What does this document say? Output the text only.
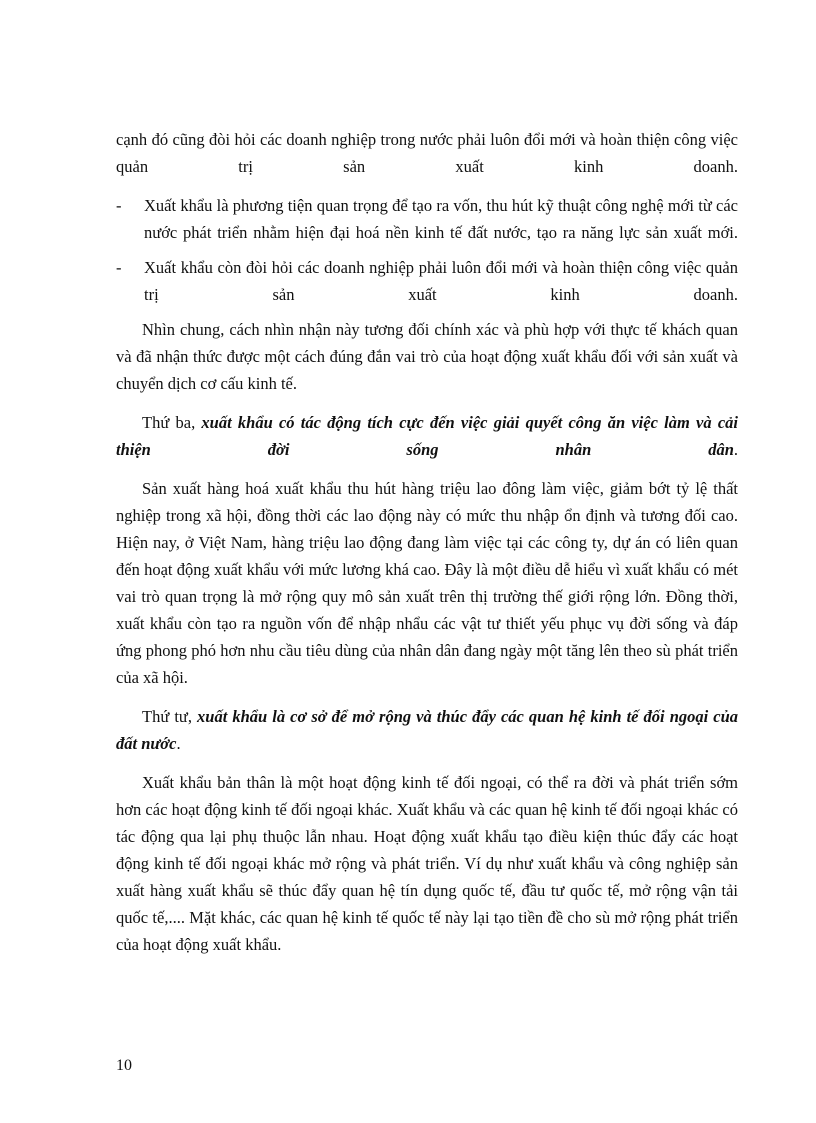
cạnh đó cũng đòi hỏi các doanh nghiệp trong nước phải luôn đổi mới và hoàn thiện công việc quản trị sản xuất kinh doanh.

- Xuất khẩu là phương tiện quan trọng để tạo ra vốn, thu hút kỹ thuật công nghệ mới từ các nước phát triển nhằm hiện đại hoá nền kinh tế đất nước, tạo ra năng lực sản xuất mới.
- Xuất khẩu còn đòi hỏi các doanh nghiệp phải luôn đổi mới và hoàn thiện công việc quản trị sản xuất kinh doanh.

Nhìn chung, cách nhìn nhận này tương đối chính xác và phù hợp với thực tế khách quan và đã nhận thức được một cách đúng đắn vai trò của hoạt động xuất khẩu đối với sản xuất và chuyển dịch cơ cấu kinh tế.

Thứ ba, xuất khẩu có tác động tích cực đến việc giải quyết công ăn việc làm và cải thiện đời sống nhân dân.

Sản xuất hàng hoá xuất khẩu thu hút hàng triệu lao đông làm việc, giảm bớt tỷ lệ thất nghiệp trong xã hội, đồng thời các lao động này có mức thu nhập ổn định và tương đối cao. Hiện nay, ở Việt Nam, hàng triệu lao động đang làm việc tại các công ty, dự án có liên quan đến hoạt động xuất khẩu với mức lương khá cao. Đây là một điều dễ hiểu vì xuất khẩu có mét vai trò quan trọng là mở rộng quy mô sản xuất trên thị trường thế giới rộng lớn. Đồng thời, xuất khẩu còn tạo ra nguồn vốn để nhập nhẩu các vật tư thiết yếu phục vụ đời sống và đáp ứng phong phó hơn nhu cầu tiêu dùng của nhân dân đang ngày một tăng lên theo sù phát triển của xã hội.

Thứ tư, xuất khẩu là cơ sở để mở rộng và thúc đẩy các quan hệ kinh tế đối ngoại của đất nước.

Xuất khẩu bản thân là một hoạt động kinh tế đối ngoại, có thể ra đời và phát triển sớm hơn các hoạt động kinh tế đối ngoại khác. Xuất khẩu và các quan hệ kinh tế đối ngoại khác có tác động qua lại phụ thuộc lẫn nhau. Hoạt động xuất khẩu tạo điều kiện thúc đẩy các hoạt động kinh tế đối ngoại khác mở rộng và phát triển. Ví dụ như xuất khẩu và công nghiệp sản xuất hàng xuất khẩu sẽ thúc đẩy quan hệ tín dụng quốc tế, đầu tư quốc tế, mở rộng vận tải quốc tế,.... Mặt khác, các quan hệ kinh tế quốc tế này lại tạo tiền đề cho sù mở rộng phát triển của hoạt động xuất khẩu.

10
